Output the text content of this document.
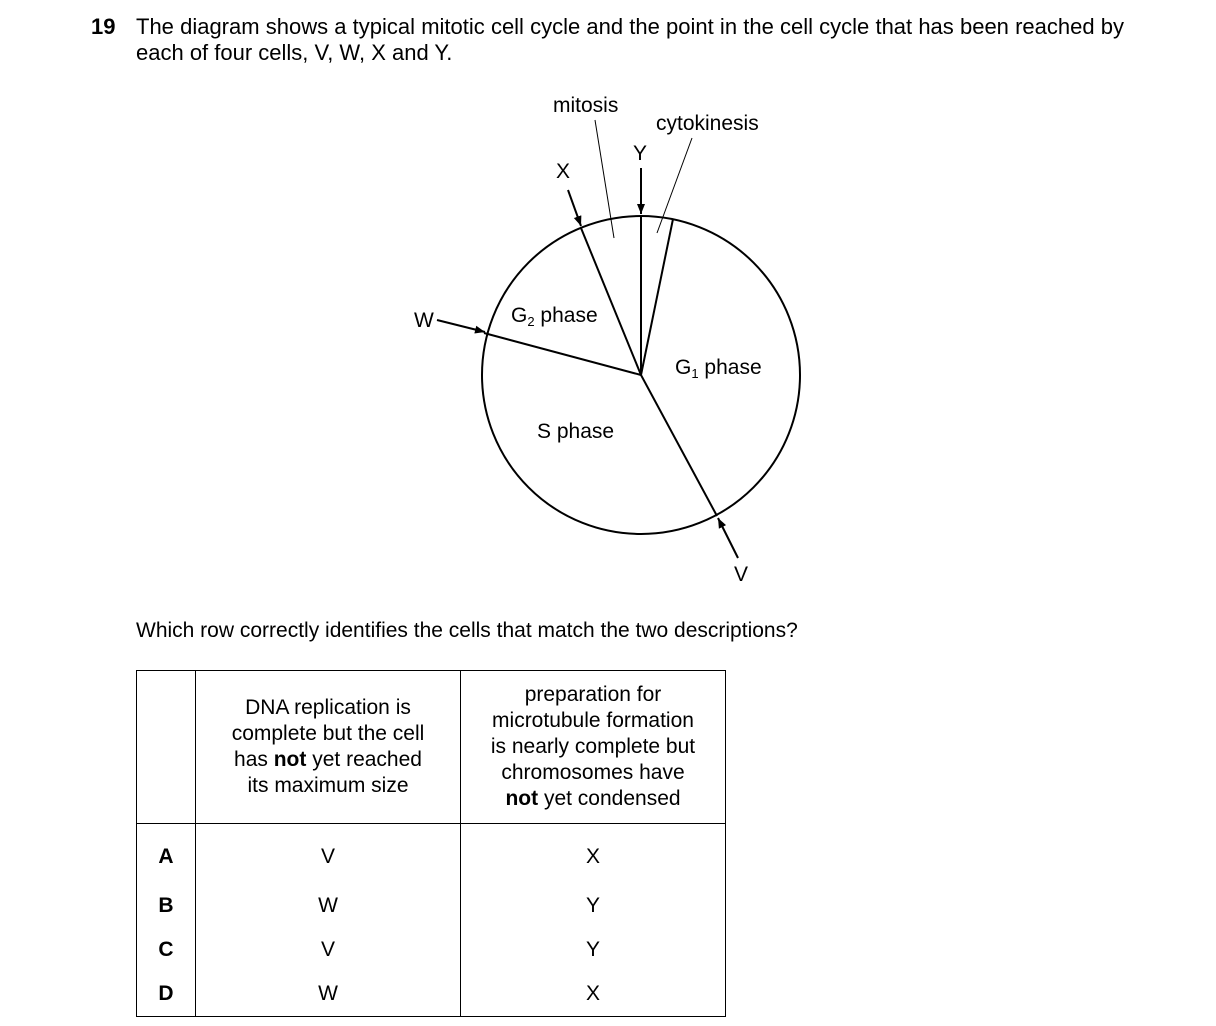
19 The diagram shows a typical mitotic cell cycle and the point in the cell cycle that has been reached by each of four cells, V, W, X and Y.
mitosis
cytokinesis
X
Y
W
V
G2 phase
G1 phase
S phase
Which row correctly identifies the cells that match the two descriptions?
	DNA replication is
complete but the cell
has not yet reached
its maximum size	preparation for
microtubule formation
is nearly complete but
chromosomes have
not yet condensed
A	V	X
B	W	Y
C	V	Y
D	W	X
